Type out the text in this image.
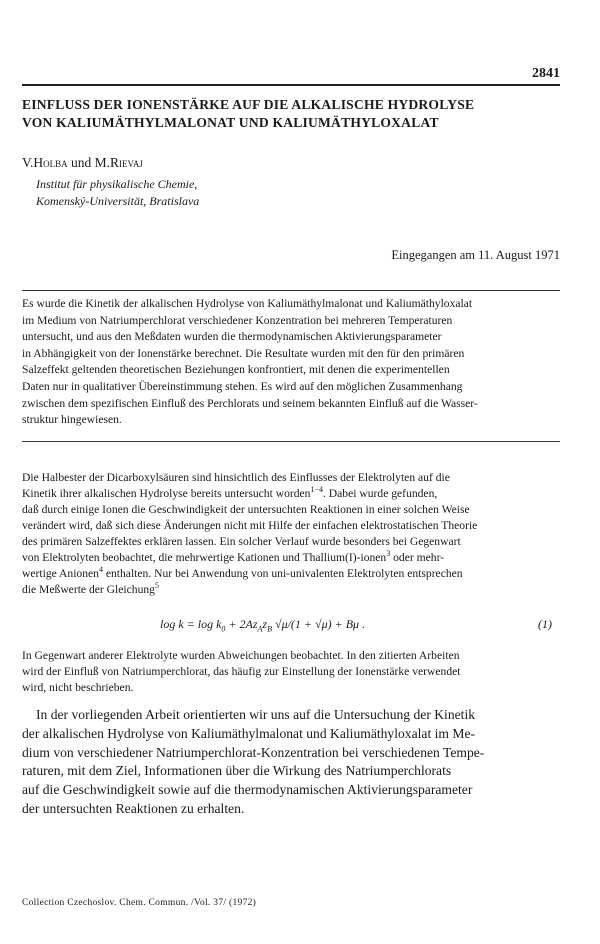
2841
EINFLUSS DER IONENSTÄRKE AUF DIE ALKALISCHE HYDROLYSE
VON KALIUMÄTHYLMALONAT UND KALIUMÄTHYLOXALAT
V.Holba und M.Rievaj
Institut für physikalische Chemie,
Komenský-Universität, Bratislava
Eingegangen am 11. August 1971
Es wurde die Kinetik der alkalischen Hydrolyse von Kaliumäthylmalonat und Kaliumäthyloxalat
im Medium von Natriumperchlorat verschiedener Konzentration bei mehreren Temperaturen
untersucht, und aus den Meßdaten wurden die thermodynamischen Aktivierungsparameter
in Abhängigkeit von der Ionenstärke berechnet. Die Resultate wurden mit den für den primären
Salzeffekt geltenden theoretischen Beziehungen konfrontiert, mit denen die experimentellen
Daten nur in qualitativer Übereinstimmung stehen. Es wird auf den möglichen Zusammenhang
zwischen dem spezifischen Einfluß des Perchlorats und seinem bekannten Einfluß auf die Wasser-
struktur hingewiesen.
Die Halbester der Dicarboxylsäuren sind hinsichtlich des Einflusses der Elektrolyten auf die
Kinetik ihrer alkalischen Hydrolyse bereits untersucht worden$^{1-4}$. Dabei wurde gefunden,
daß durch einige Ionen die Geschwindigkeit der untersuchten Reaktionen in einer solchen Weise
verändert wird, daß sich diese Änderungen nicht mit Hilfe der einfachen elektrostatischen Theorie
des primären Salzeffektes erklären lassen. Ein solcher Verlauf wurde besonders bei Gegenwart
von Elektrolyten beobachtet, die mehrwertige Kationen und Thallium(I)-ionen$^3$ oder mehr-
wertige Anionen$^4$ enthalten. Nur bei Anwendung von uni-univalenten Elektrolyten entsprechen
die Meßwerte der Gleichung$^5$
$\log k = \log k_0 + 2Az_Az_B$ √μ/(1 + √μ) + Bμ .	(1)
In Gegenwart anderer Elektrolyte wurden Abweichungen beobachtet. In den zitierten Arbeiten
wird der Einfluß von Natriumperchlorat, das häufig zur Einstellung der Ionenstärke verwendet
wird, nicht beschrieben.
In der vorliegenden Arbeit orientierten wir uns auf die Untersuchung der Kinetik
der alkalischen Hydrolyse von Kaliumäthylmalonat und Kaliumäthyloxalat im Me-
dium von verschiedener Natriumperchlorat-Konzentration bei verschiedenen Tempe-
raturen, mit dem Ziel, Informationen über die Wirkung des Natriumperchlorats
auf die Geschwindigkeit sowie auf die thermodynamischen Aktivierungsparameter
der untersuchten Reaktionen zu erhalten.
Collection Czechoslov. Chem. Commun. /Vol. 37/ (1972)
